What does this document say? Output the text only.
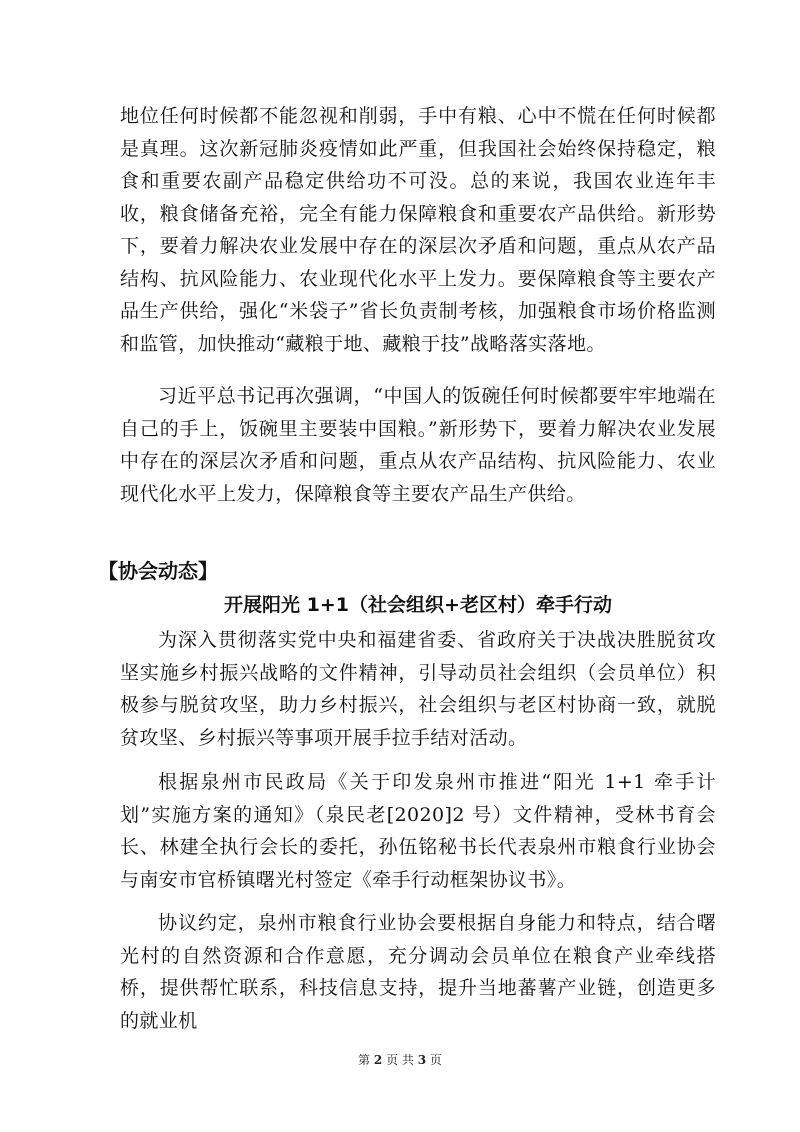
地位任何时候都不能忽视和削弱，手中有粮、心中不慌在任何时候都是真理。这次新冠肺炎疫情如此严重，但我国社会始终保持稳定，粮食和重要农副产品稳定供给功不可没。总的来说，我国农业连年丰收，粮食储备充裕，完全有能力保障粮食和重要农产品供给。新形势下，要着力解决农业发展中存在的深层次矛盾和问题，重点从农产品结构、抗风险能力、农业现代化水平上发力。要保障粮食等主要农产品生产供给，强化“米袋子”省长负责制考核，加强粮食市场价格监测和监管，加快推动“藏粮于地、藏粮于技”战略落实落地。

习近平总书记再次强调，“中国人的饭碗任何时候都要牢牢地端在自己的手上，饭碗里主要装中国粮。”新形势下，要着力解决农业发展中存在的深层次矛盾和问题，重点从农产品结构、抗风险能力、农业现代化水平上发力，保障粮食等主要农产品生产供给。

【协会动态】
开展阳光 1+1（社会组织+老区村）牵手行动

为深入贯彻落实党中央和福建省委、省政府关于决战决胜脱贫攻坚实施乡村振兴战略的文件精神，引导动员社会组织（会员单位）积极参与脱贫攻坚，助力乡村振兴，社会组织与老区村协商一致，就脱贫攻坚、乡村振兴等事项开展手拉手结对活动。

根据泉州市民政局《关于印发泉州市推进“阳光 1+1 牵手计划”实施方案的通知》（泉民老[2020]2 号）文件精神，受林书育会长、林建全执行会长的委托，孙伍铭秘书长代表泉州市粮食行业协会与南安市官桥镇曙光村签定《牵手行动框架协议书》。

协议约定，泉州市粮食行业协会要根据自身能力和特点，结合曙光村的自然资源和合作意愿，充分调动会员单位在粮食产业牵线搭桥，提供帮忙联系，科技信息支持，提升当地蕃薯产业链，创造更多的就业机

第 2 页 共 3 页
